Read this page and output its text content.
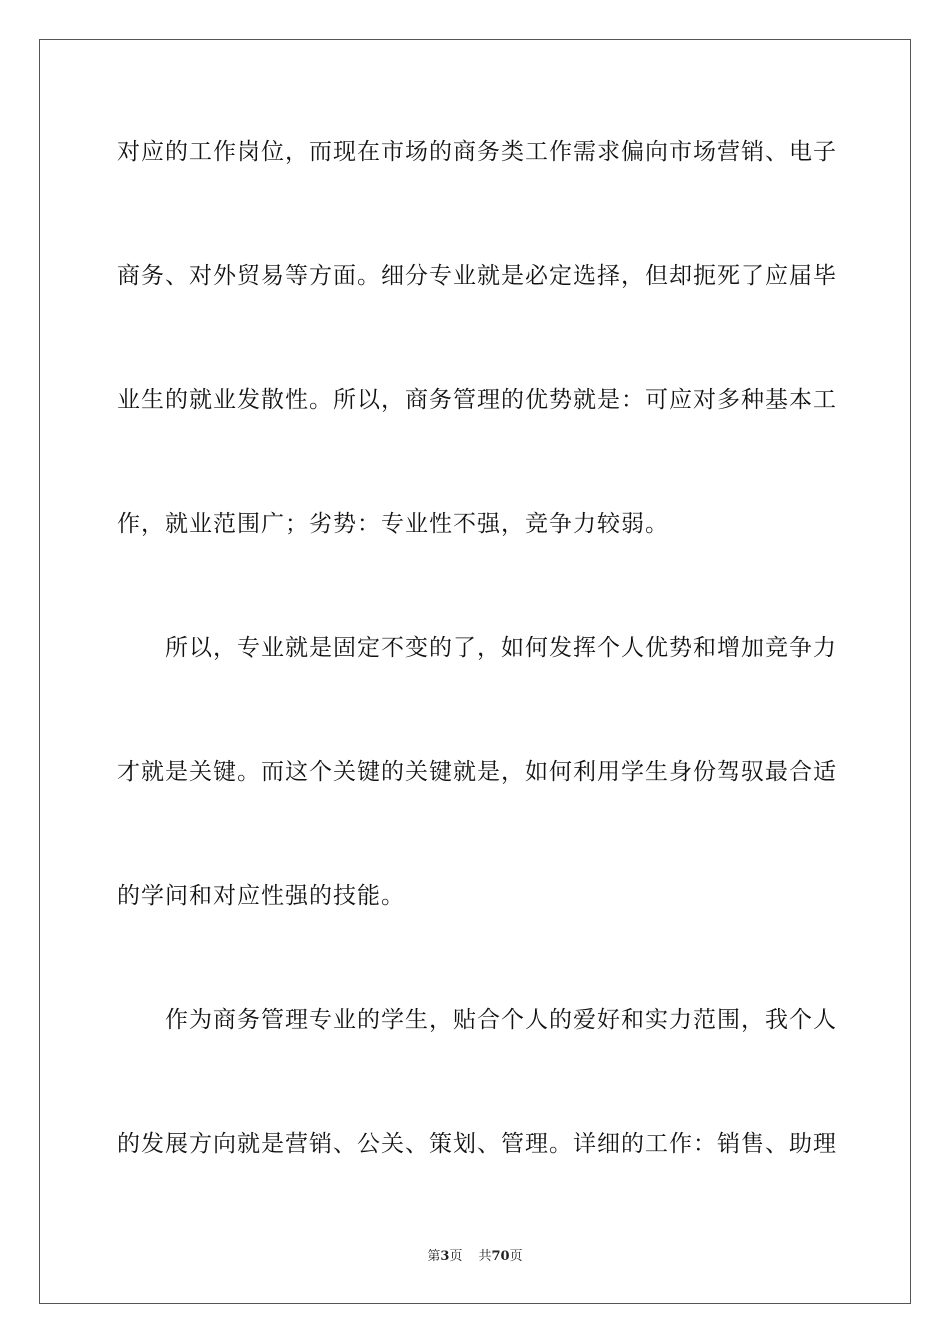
对应的工作岗位，而现在市场的商务类工作需求偏向市场营销、电子
商务、对外贸易等方面。细分专业就是必定选择，但却扼死了应届毕
业生的就业发散性。所以，商务管理的优势就是：可应对多种基本工
作，就业范围广；劣势：专业性不强，竞争力较弱。
所以，专业就是固定不变的了，如何发挥个人优势和增加竞争力
才就是关键。而这个关键的关键就是，如何利用学生身份驾驭最合适
的学问和对应性强的技能。
作为商务管理专业的学生，贴合个人的爱好和实力范围，我个人
的发展方向就是营销、公关、策划、管理。详细的工作：销售、助理
第3页 共70页
